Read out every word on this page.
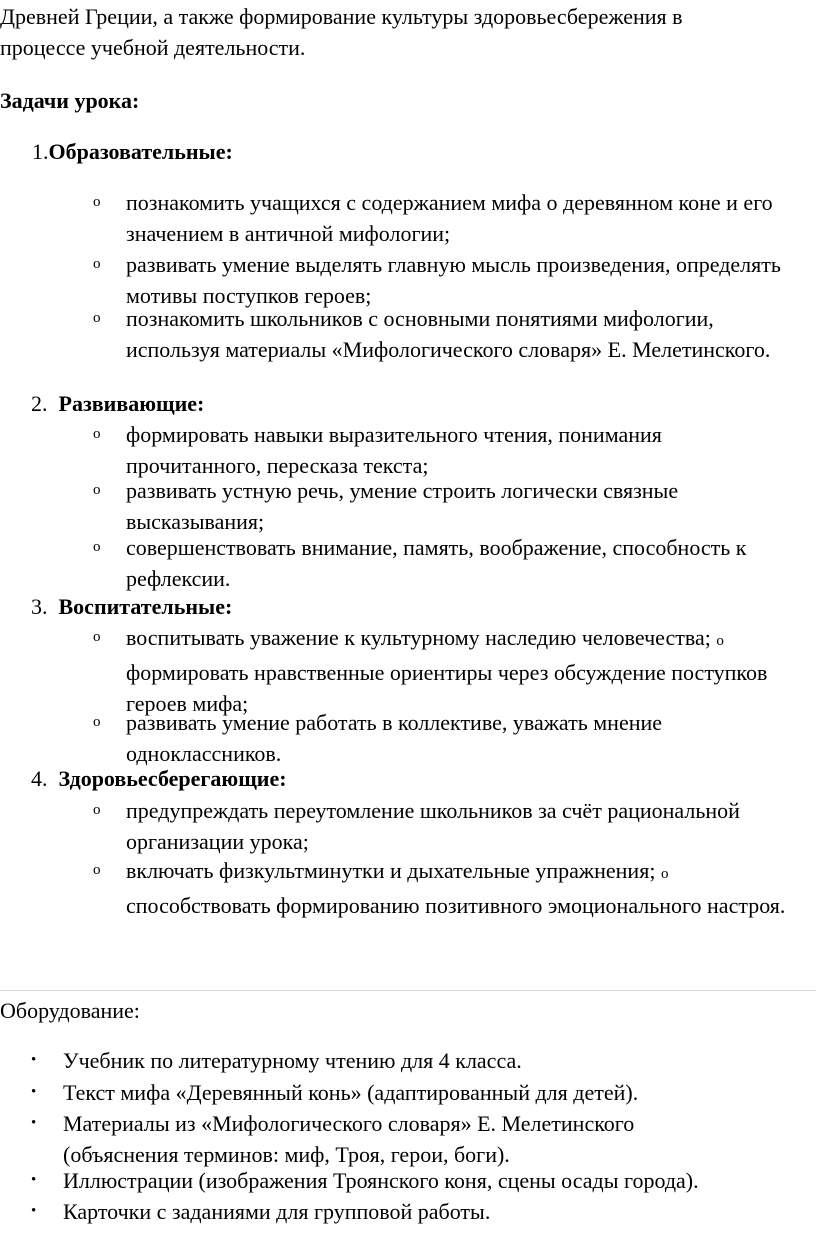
Древней Греции, а также формирование культуры здоровьесбережения в
процессе учебной деятельности.
Задачи урока:
1.Образовательные:
o познакомить учащихся с содержанием мифа о деревянном коне и его значением в античной мифологии;
o развивать умение выделять главную мысль произведения, определять мотивы поступков героев;
o познакомить школьников с основными понятиями мифологии, используя материалы «Мифологического словаря» Е. Мелетинского.
2. Развивающие:
o формировать навыки выразительного чтения, понимания прочитанного, пересказа текста;
o развивать устную речь, умение строить логически связные высказывания;
o совершенствовать внимание, память, воображение, способность к рефлексии.
3. Воспитательные:
o воспитывать уважение к культурному наследию человечества; o формировать нравственные ориентиры через обсуждение поступков героев мифа;
o развивать умение работать в коллективе, уважать мнение одноклассников.
4. Здоровьесберегающие:
o предупреждать переутомление школьников за счёт рациональной организации урока;
o включать физкультминутки и дыхательные упражнения; o способствовать формированию позитивного эмоционального настроя.
Оборудование:
• Учебник по литературному чтению для 4 класса.
• Текст мифа «Деревянный конь» (адаптированный для детей).
• Материалы из «Мифологического словаря» Е. Мелетинского (объяснения терминов: миф, Троя, герои, боги).
• Иллюстрации (изображения Троянского коня, сцены осады города).
• Карточки с заданиями для групповой работы.
